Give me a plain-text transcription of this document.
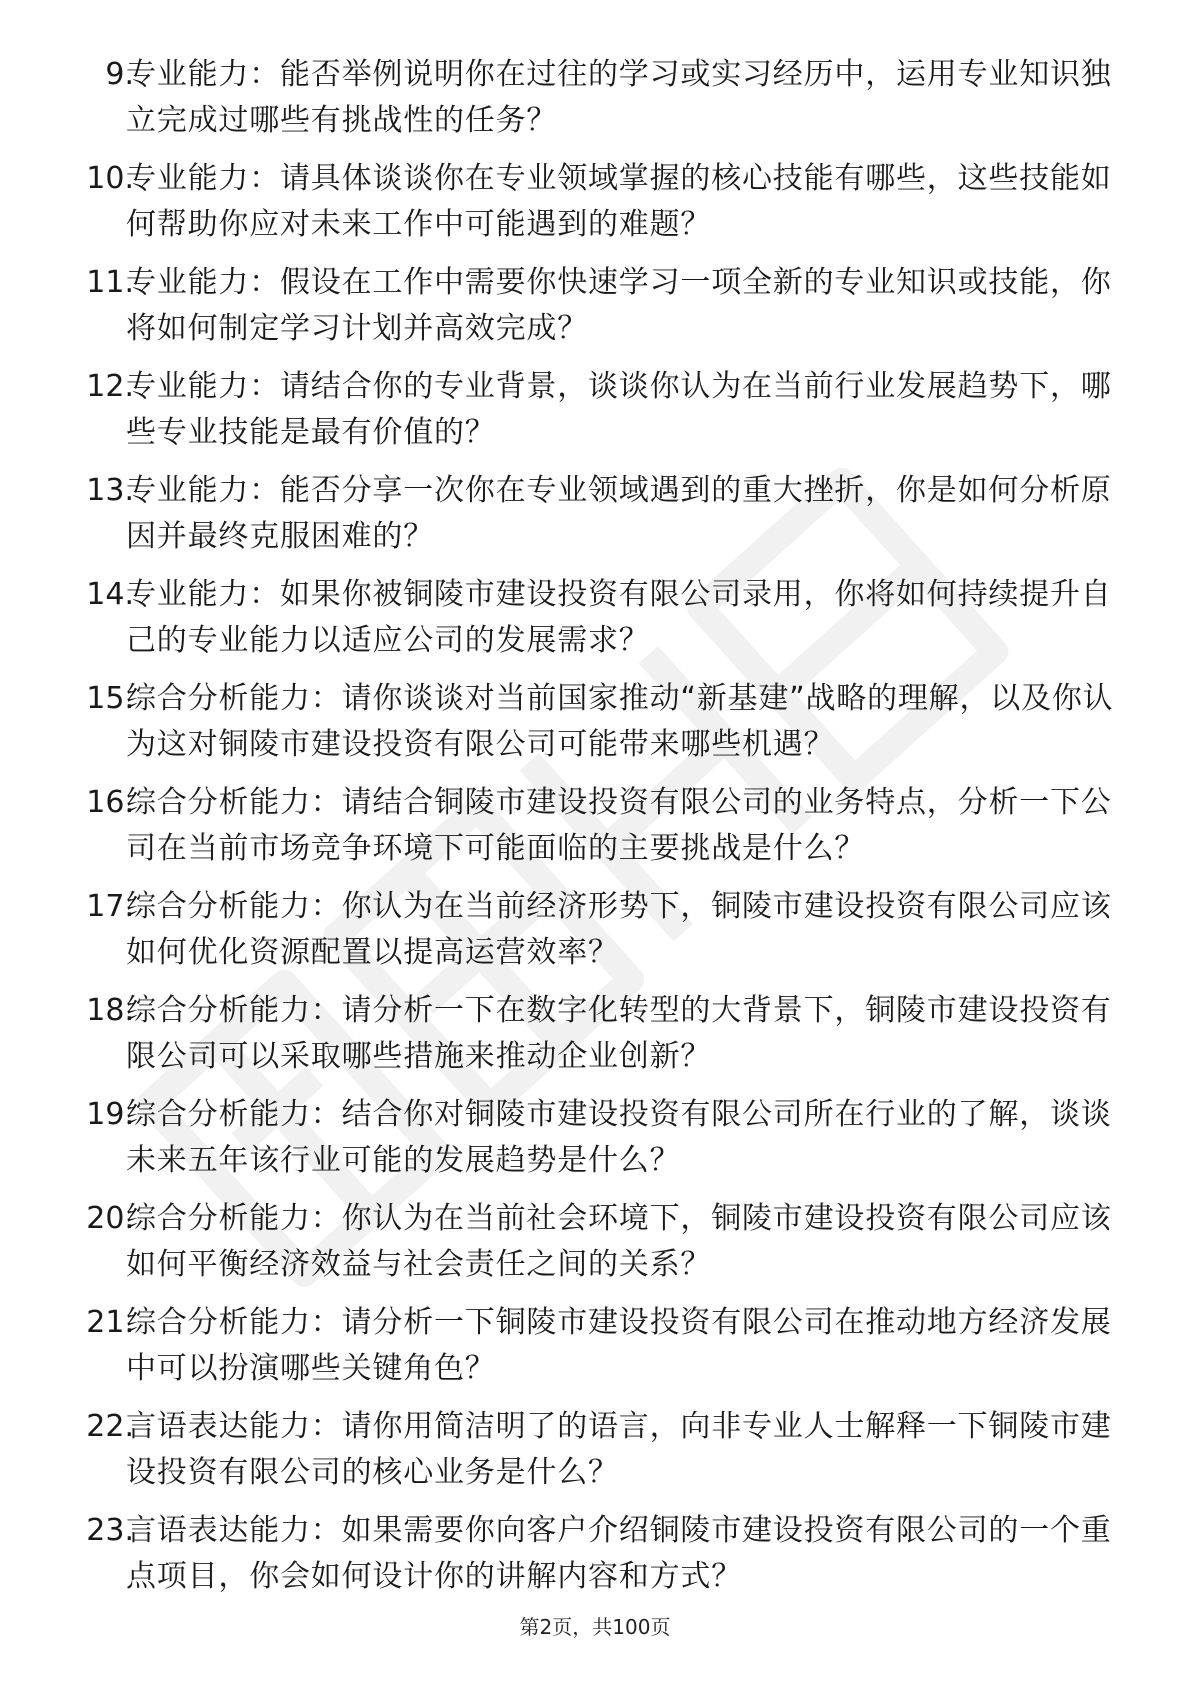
9.
专业能力：能否举例说明你在过往的学习或实习经历中，运用专业知识独立完成过哪些有挑战性的任务？
10.
专业能力：请具体谈谈你在专业领域掌握的核心技能有哪些，这些技能如何帮助你应对未来工作中可能遇到的难题？
11.
专业能力：假设在工作中需要你快速学习一项全新的专业知识或技能，你将如何制定学习计划并高效完成？
12.
专业能力：请结合你的专业背景，谈谈你认为在当前行业发展趋势下，哪些专业技能是最有价值的？
13.
专业能力：能否分享一次你在专业领域遇到的重大挫折，你是如何分析原因并最终克服困难的？
14.
专业能力：如果你被铜陵市建设投资有限公司录用，你将如何持续提升自己的专业能力以适应公司的发展需求？
15.
综合分析能力：请你谈谈对当前国家推动“新基建”战略的理解，以及你认为这对铜陵市建设投资有限公司可能带来哪些机遇？
16.
综合分析能力：请结合铜陵市建设投资有限公司的业务特点，分析一下公司在当前市场竞争环境下可能面临的主要挑战是什么？
17.
综合分析能力：你认为在当前经济形势下，铜陵市建设投资有限公司应该如何优化资源配置以提高运营效率？
18.
综合分析能力：请分析一下在数字化转型的大背景下，铜陵市建设投资有限公司可以采取哪些措施来推动企业创新？
19.
综合分析能力：结合你对铜陵市建设投资有限公司所在行业的了解，谈谈未来五年该行业可能的发展趋势是什么？
20.
综合分析能力：你认为在当前社会环境下，铜陵市建设投资有限公司应该如何平衡经济效益与社会责任之间的关系？
21.
综合分析能力：请分析一下铜陵市建设投资有限公司在推动地方经济发展中可以扮演哪些关键角色？
22.
言语表达能力：请你用简洁明了的语言，向非专业人士解释一下铜陵市建设投资有限公司的核心业务是什么？
23.
言语表达能力：如果需要你向客户介绍铜陵市建设投资有限公司的一个重点项目，你会如何设计你的讲解内容和方式？
第2页，共100页
